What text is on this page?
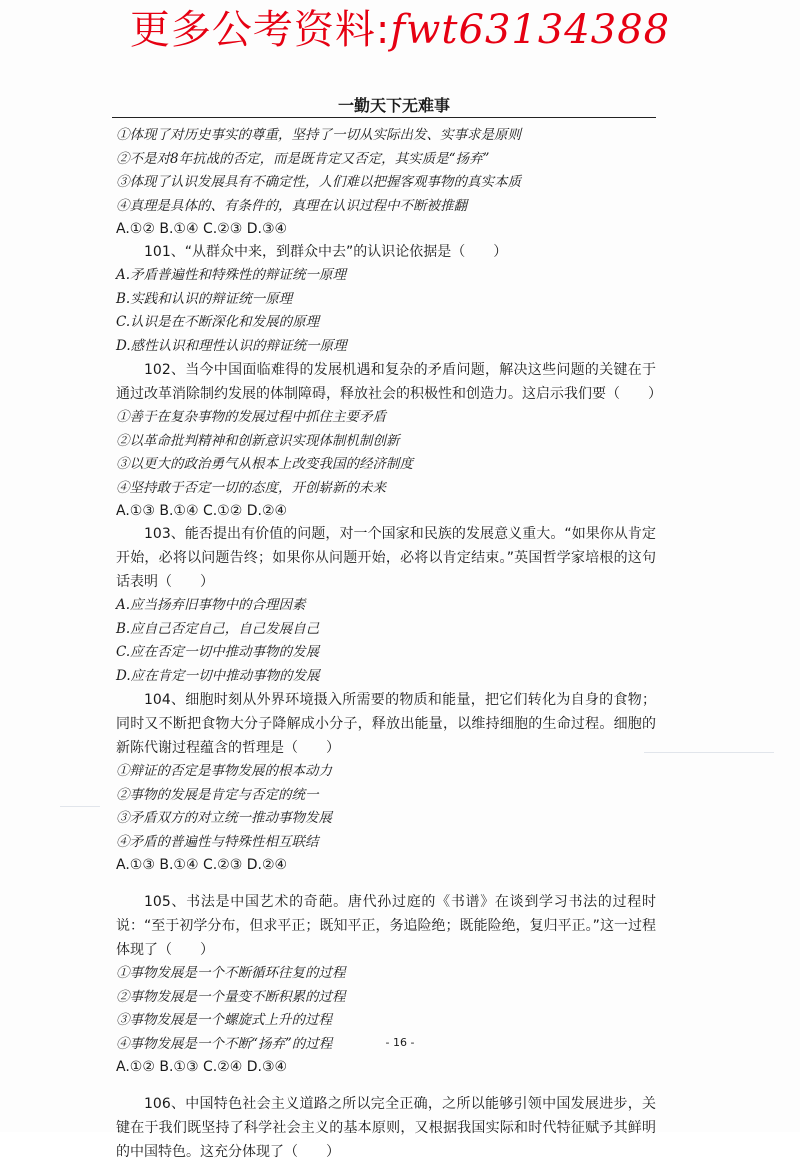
更多公考资料:fwt63134388
一勤天下无难事
①体现了对历史事实的尊重，坚持了一切从实际出发、实事求是原则
②不是对8年抗战的否定，而是既肯定又否定，其实质是“扬弃”
③体现了认识发展具有不确定性，人们难以把握客观事物的真实本质
④真理是具体的、有条件的，真理在认识过程中不断被推翻
A.①② B.①④ C.②③ D.③④
101、“从群众中来，到群众中去”的认识论依据是（　　）
A.矛盾普遍性和特殊性的辩证统一原理
B.实践和认识的辩证统一原理
C.认识是在不断深化和发展的原理
D.感性认识和理性认识的辩证统一原理
102、当今中国面临难得的发展机遇和复杂的矛盾问题，解决这些问题的关键在于通过改革消除制约发展的体制障碍，释放社会的积极性和创造力。这启示我们要（　　）
①善于在复杂事物的发展过程中抓住主要矛盾
②以革命批判精神和创新意识实现体制机制创新
③以更大的政治勇气从根本上改变我国的经济制度
④坚持敢于否定一切的态度，开创崭新的未来
A.①③ B.①④ C.①② D.②④
103、能否提出有价值的问题，对一个国家和民族的发展意义重大。“如果你从肯定开始，必将以问题告终；如果你从问题开始，必将以肯定结束。”英国哲学家培根的这句话表明（　　）
A.应当扬弃旧事物中的合理因素
B.应自己否定自己，自己发展自己
C.应在否定一切中推动事物的发展
D.应在肯定一切中推动事物的发展
104、细胞时刻从外界环境摄入所需要的物质和能量，把它们转化为自身的食物；同时又不断把食物大分子降解成小分子，释放出能量，以维持细胞的生命过程。细胞的新陈代谢过程蕴含的哲理是（　　）
①辩证的否定是事物发展的根本动力
②事物的发展是肯定与否定的统一
③矛盾双方的对立统一推动事物发展
④矛盾的普遍性与特殊性相互联结
A.①③ B.①④ C.②③ D.②④
105、书法是中国艺术的奇葩。唐代孙过庭的《书谱》在谈到学习书法的过程时说：“至于初学分布，但求平正；既知平正，务追险绝；既能险绝，复归平正。”这一过程体现了（　　）
①事物发展是一个不断循环往复的过程
②事物发展是一个量变不断积累的过程
③事物发展是一个螺旋式上升的过程
④事物发展是一个不断“扬弃”的过程
A.①② B.①③ C.②④ D.③④
106、中国特色社会主义道路之所以完全正确，之所以能够引领中国发展进步，关键在于我们既坚持了科学社会主义的基本原则，又根据我国实际和时代特征赋予其鲜明的中国特色。这充分体现了（　　）
- 16 -
